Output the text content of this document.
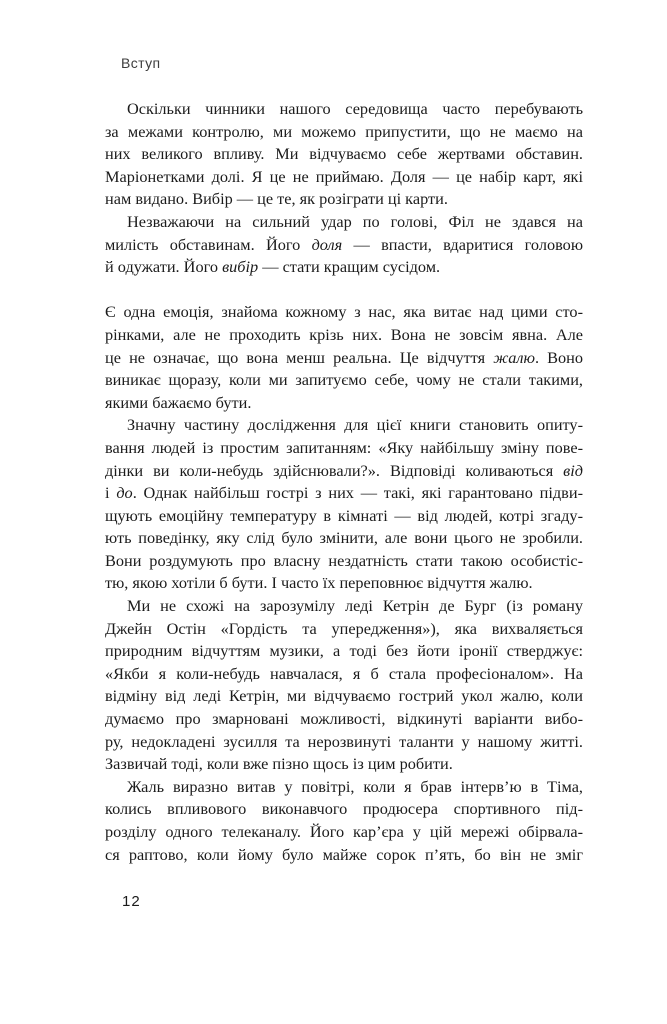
Вступ
Оскільки чинники нашого середовища часто перебувають
за межами контролю, ми можемо припустити, що не маємо на
них великого впливу. Ми відчуваємо себе жертвами обставин.
Маріонетками долі. Я це не приймаю. Доля — це набір карт, які
нам видано. Вибір — це те, як розіграти ці карти.
Незважаючи на сильний удар по голові, Філ не здався на
милість обставинам. Його доля — впасти, вдаритися головою
й одужати. Його вибір — стати кращим сусідом.
Є одна емоція, знайома кожному з нас, яка витає над цими сто-
рінками, але не проходить крізь них. Вона не зовсім явна. Але
це не означає, що вона менш реальна. Це відчуття жалю. Воно
виникає щоразу, коли ми запитуємо себе, чому не стали такими,
якими бажаємо бути.
Значну частину дослідження для цієї книги становить опиту-
вання людей із простим запитанням: «Яку найбільшу зміну пове-
дінки ви коли-небудь здійснювали?». Відповіді коливаються від
і до. Однак найбільш гострі з них — такі, які гарантовано підви-
щують емоційну температуру в кімнаті — від людей, котрі згаду-
ють поведінку, яку слід було змінити, але вони цього не зробили.
Вони роздумують про власну нездатність стати такою особистіс-
тю, якою хотіли б бути. І часто їх переповнює відчуття жалю.
Ми не схожі на зарозумілу леді Кетрін де Бург (із роману
Джейн Остін «Гордість та упередження»), яка вихваляється
природним відчуттям музики, а тоді без йоти іронії стверджує:
«Якби я коли-небудь навчалася, я б стала професіоналом». На
відміну від леді Кетрін, ми відчуваємо гострий укол жалю, коли
думаємо про змарновані можливості, відкинуті варіанти вибо-
ру, недокладені зусилля та нерозвинуті таланти у нашому житті.
Зазвичай тоді, коли вже пізно щось із цим робити.
Жаль виразно витав у повітрі, коли я брав інтерв’ю в Тіма,
колись впливового виконавчого продюсера спортивного під-
розділу одного телеканалу. Його кар’єра у цій мережі обірвала-
ся раптово, коли йому було майже сорок п’ять, бо він не зміг
12
